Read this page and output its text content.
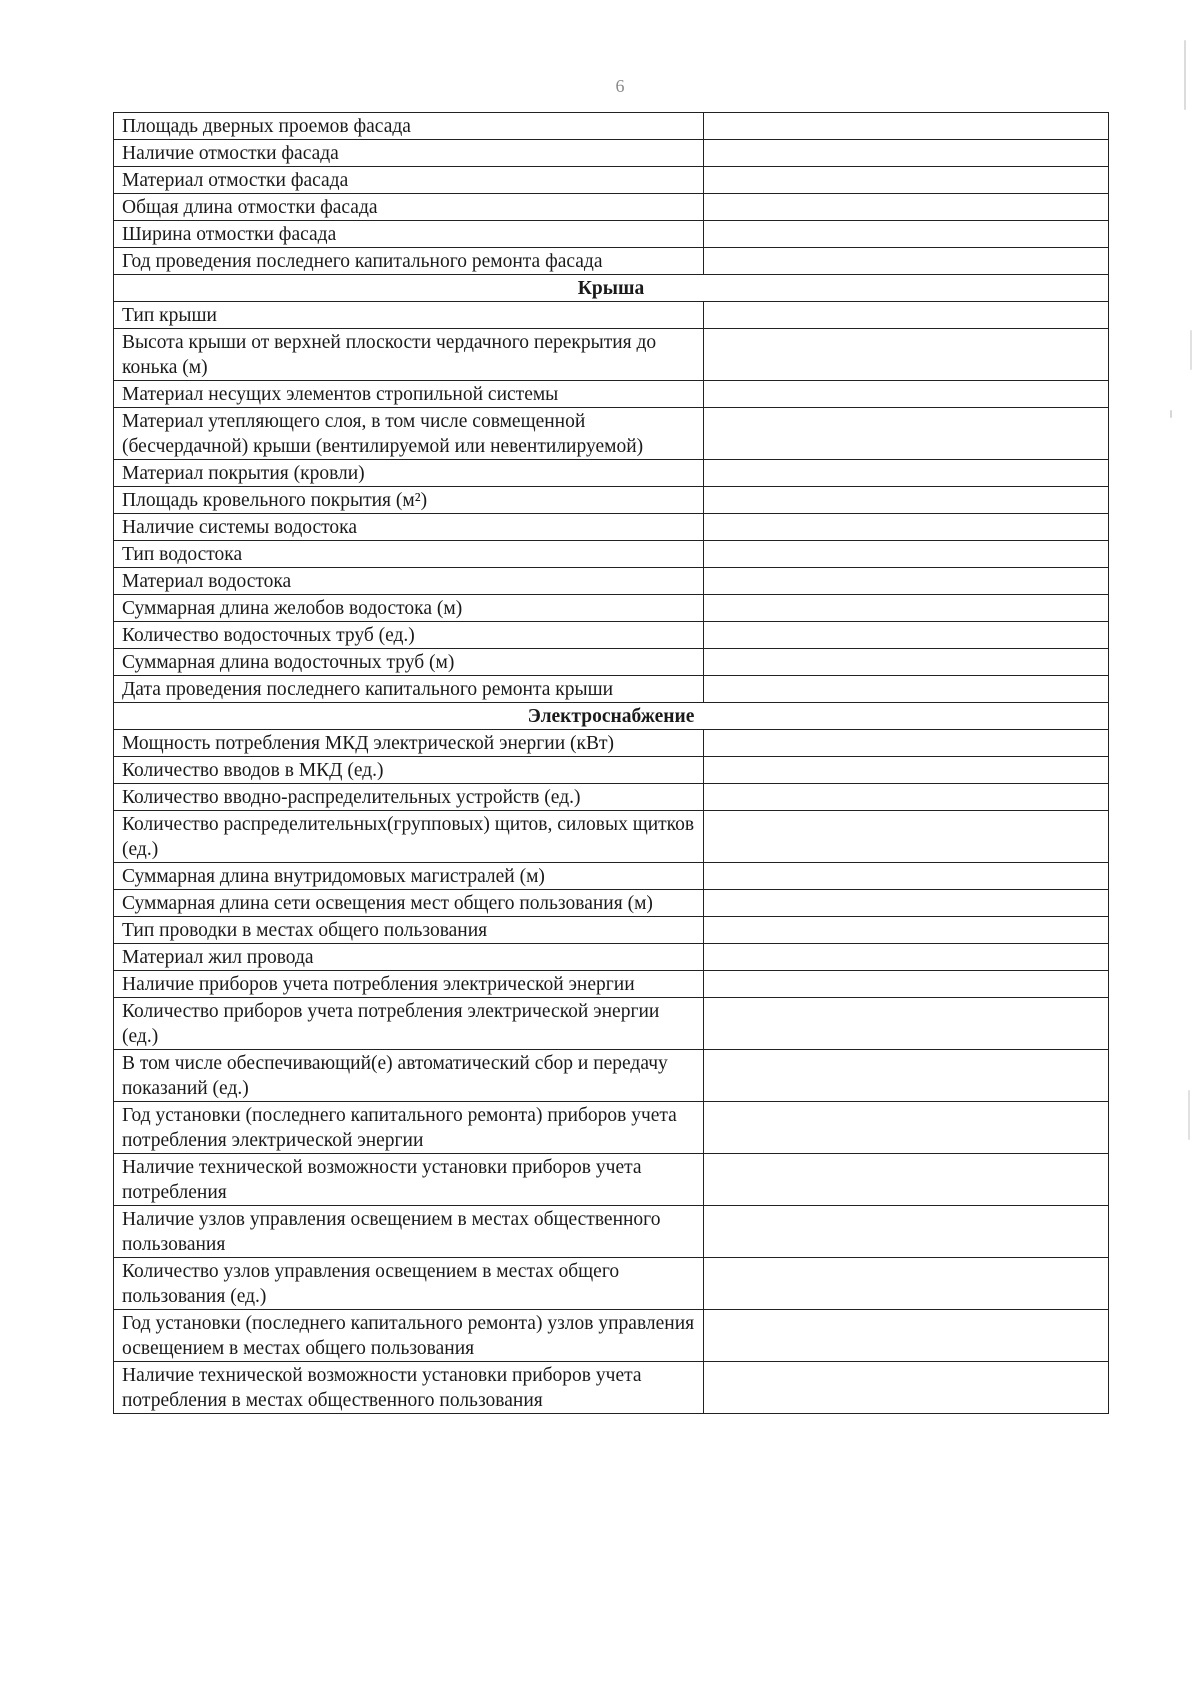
6
Площадь дверных проемов фасада	
Наличие отмостки фасада	
Материал отмостки фасада	
Общая длина отмостки фасада	
Ширина отмостки фасада	
Год проведения последнего капитального ремонта фасада	
Крыша	
Тип крыши	
Высота крыши от верхней плоскости чердачного перекрытия до конька (м)	
Материал несущих элементов стропильной системы	
Материал утепляющего слоя, в том числе совмещенной (бесчердачной) крыши (вентилируемой или невентилируемой)	
Материал покрытия (кровли)	
Площадь кровельного покрытия (м²)	
Наличие системы водостока	
Тип водостока	
Материал водостока	
Суммарная длина желобов водостока (м)	
Количество водосточных труб (ед.)	
Суммарная длина водосточных труб (м)	
Дата проведения последнего капитального ремонта крыши	
Электроснабжение	
Мощность потребления МКД электрической энергии (кВт)	
Количество вводов в МКД (ед.)	
Количество вводно-распределительных устройств (ед.)	
Количество распределительных(групповых) щитов, силовых щитков (ед.)	
Суммарная длина внутридомовых магистралей (м)	
Суммарная длина сети освещения мест общего пользования (м)	
Тип проводки в местах общего пользования	
Материал жил провода	
Наличие приборов учета потребления электрической энергии	
Количество приборов учета потребления электрической энергии (ед.)	
В том числе обеспечивающий(е) автоматический сбор и передачу показаний (ед.)	
Год установки (последнего капитального ремонта) приборов учета потребления электрической энергии	
Наличие технической возможности установки приборов учета потребления	
Наличие узлов управления освещением в местах общественного пользования	
Количество узлов управления освещением в местах общего пользования (ед.)	
Год установки (последнего капитального ремонта) узлов управления освещением в местах общего пользования	
Наличие технической возможности установки приборов учета потребления в местах общественного пользования	
